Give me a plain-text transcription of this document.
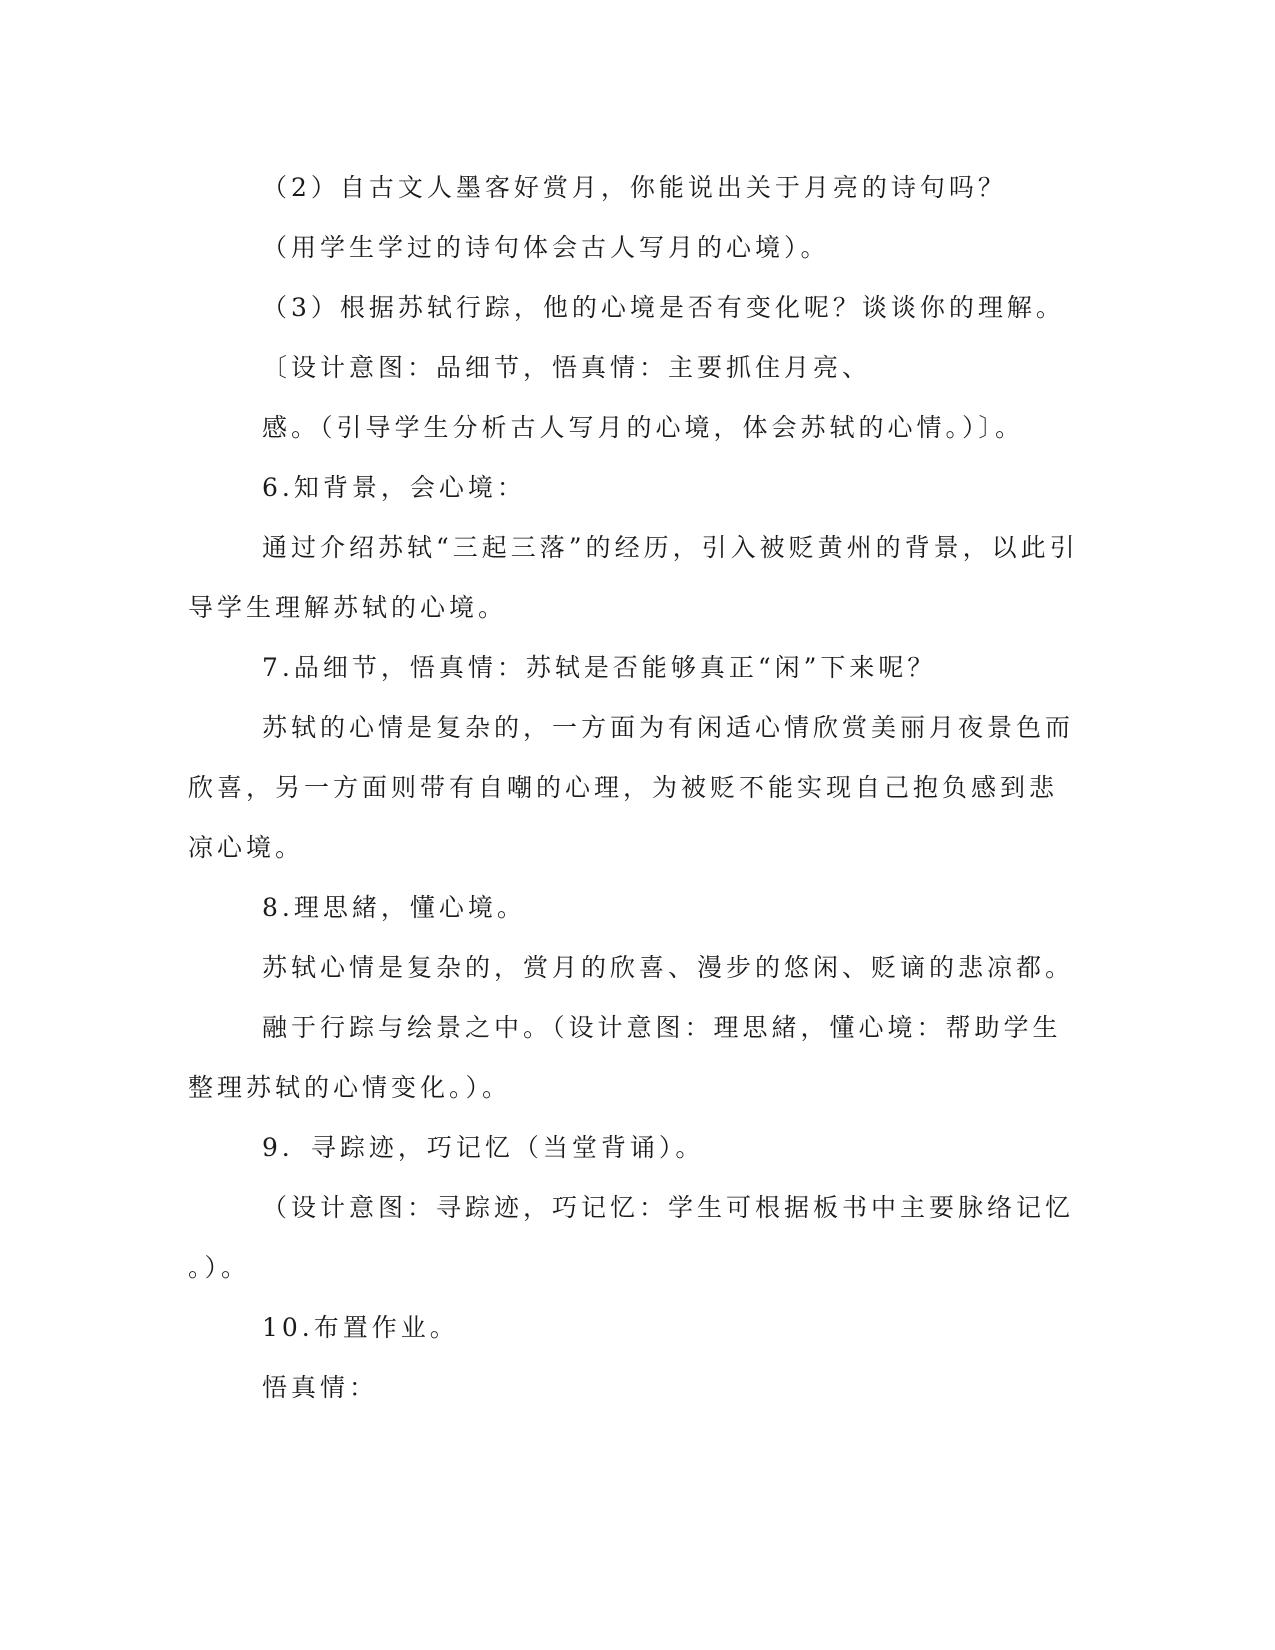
（2）自古文人墨客好赏月，你能说出关于月亮的诗句吗？
（用学生学过的诗句体会古人写月的心境）。
（3）根据苏轼行踪，他的心境是否有变化呢？谈谈你的理解。
〔设计意图：品细节，悟真情：主要抓住月亮、
感。（引导学生分析古人写月的心境，体会苏轼的心情。）〕。
6.知背景，会心境：
通过介绍苏轼“三起三落”的经历，引入被贬黄州的背景，以此引
导学生理解苏轼的心境。
7.品细节，悟真情：苏轼是否能够真正“闲”下来呢？
苏轼的心情是复杂的，一方面为有闲适心情欣赏美丽月夜景色而
欣喜，另一方面则带有自嘲的心理，为被贬不能实现自己抱负感到悲
凉心境。
8.理思緒，懂心境。
苏轼心情是复杂的，赏月的欣喜、漫步的悠闲、贬谪的悲凉都。
融于行踪与绘景之中。（设计意图：理思緒，懂心境：帮助学生
整理苏轼的心情变化。）。
9．寻踪迹，巧记忆（当堂背诵）。
（设计意图：寻踪迹，巧记忆：学生可根据板书中主要脉络记忆
。）。
10.布置作业。
悟真情：
